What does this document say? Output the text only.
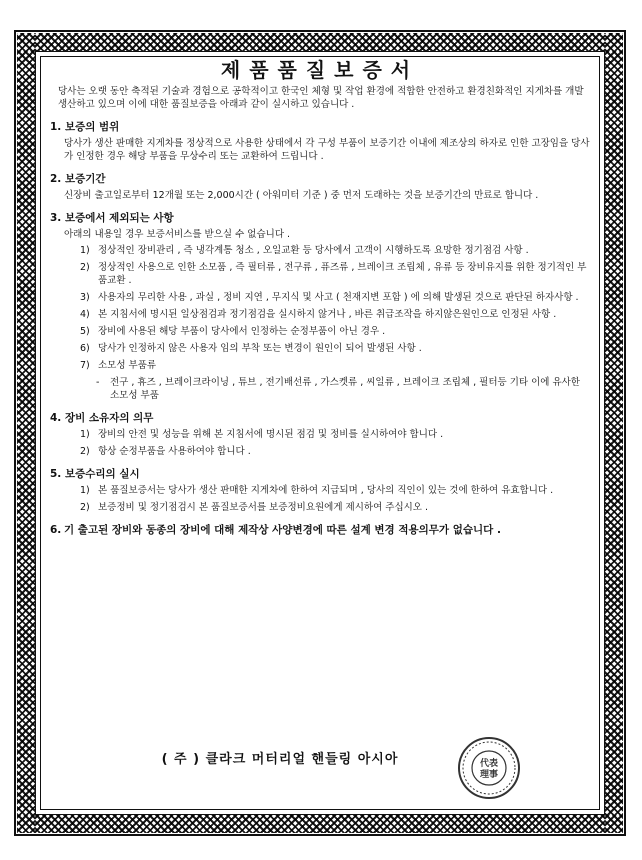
제품품질보증서
당사는 오랫 동안 축적된 기술과 경험으로 공학적이고 한국인 체형 및 작업 환경에 적합한 안전하고 환경친화적인 지게차를 개발 생산하고 있으며 이에 대한 품질보증을 아래과 같이 실시하고 있습니다 .
1. 보증의 범위
당사가 생산 판매한 지게차를 정상적으로 사용한 상태에서 각 구성 부품이 보증기간 이내에 제조상의 하자로 인한 고장임을 당사가 인정한 경우 해당 부품을 무상수리 또는 교환하여 드립니다 .
2. 보증기간
신장비 출고일로부터 12개월 또는 2,000시간 ( 아워미터 기준 ) 중 먼저 도래하는 것을 보증기간의 만료로 합니다 .
3. 보증에서 제외되는 사항
아래의 내용일 경우 보증서비스를 받으실 수 없습니다 .
1) 정상적인 장비관리 , 즉 냉각계통 청소 , 오일교환 등 당사에서 고객이 시행하도록 요망한 정기점검 사항 .
2) 정상적인 사용으로 인한 소모품 , 즉 필터류 , 전구류 , 퓨즈류 , 브레이크 조립체 , 유류 등 장비유지를 위한 정기적인 부품교환 .
3) 사용자의 무리한 사용 , 과실 , 정비 지연 , 무지식 및 사고 ( 천재지변 포함 ) 에 의해 발생된 것으로 판단된 하자사항 .
4) 본 지침서에 명시된 일상점검과 정기점검을 실시하지 않거나 , 바른 취급조작을 하지않은원인으로 인정된 사항 .
5) 장비에 사용된 해당 부품이 당사에서 인정하는 순정부품이 아닌 경우 .
6) 당사가 인정하지 않은 사용자 임의 부착 또는 변경이 원인이 되어 발생된 사항 .
7) 소모성 부품류
-	전구 , 휴즈 , 브레이크라이닝 , 튜브 , 전기배선류 , 가스켓류 , 씨일류 , 브레이크 조립체 , 필터등 기타 이에 유사한 소모성 부품
4. 장비 소유자의 의무
1) 장비의 안전 및 성능을 위해 본 지침서에 명시된 점검 및 정비를 실시하여야 합니다 .
2) 항상 순정부품을 사용하여야 합니다 .
5. 보증수리의 실시
1) 본 품질보증서는 당사가 생산 판매한 지게차에 한하여 지급되며 , 당사의 직인이 있는 것에 한하여 유효합니다 .
2) 보증정비 및 정기점검시 본 품질보증서를 보증정비요원에게 제시하여 주십시오 .
6. 기 출고된 장비와 동종의 장비에 대해 제작상 사양변경에 따른 설계 변경 적용의무가 없습니다 .
( 주 ) 클라크 머터리얼 핸들링 아시아	代表
理事
